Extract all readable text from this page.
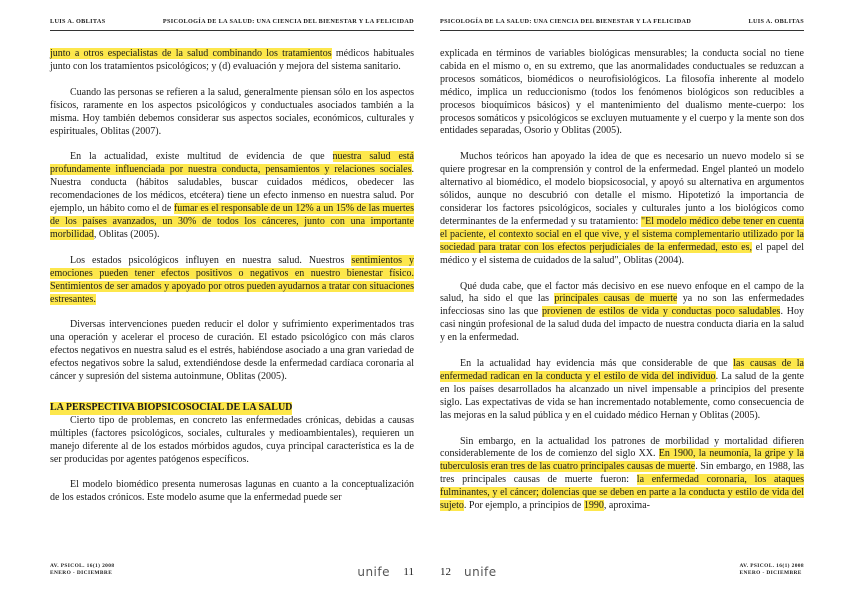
LUIS A. OBLITAS	PSICOLOGÍA DE LA SALUD: UNA CIENCIA DEL BIENESTAR Y LA FELICIDAD

junto a otros especialistas de la salud combinando los tratamientos médicos habituales junto con los tratamientos psicológicos; y (d) evaluación y mejora del sistema sanitario.

Cuando las personas se refieren a la salud, generalmente piensan sólo en los aspectos físicos, raramente en los aspectos psicológicos y conductuales asociados también a la misma. Hoy también debemos considerar sus aspectos sociales, económicos, culturales y espirituales, Oblitas (2007).

En la actualidad, existe multitud de evidencia de que nuestra salud está profundamente influenciada por nuestra conducta, pensamientos y relaciones sociales. Nuestra conducta (hábitos saludables, buscar cuidados médicos, obedecer las recomendaciones de los médicos, etcétera) tiene un efecto inmenso en nuestra salud. Por ejemplo, un hábito como el de fumar es el responsable de un 12% a un 15% de las muertes de los países avanzados, un 30% de todos los cánceres, junto con una importante morbilidad, Oblitas (2005).

Los estados psicológicos influyen en nuestra salud. Nuestros sentimientos y emociones pueden tener efectos positivos o negativos en nuestro bienestar físico. Sentimientos de ser amados y apoyado por otros pueden ayudarnos a tratar con situaciones estresantes.

Diversas intervenciones pueden reducir el dolor y sufrimiento experimentados tras una operación y acelerar el proceso de curación. El estado psicológico con más claros efectos negativos en nuestra salud es el estrés, habiéndose asociado a una gran variedad de efectos negativos sobre la salud, extendiéndose desde la enfermedad cardíaca coronaria al cáncer y supresión del sistema autoinmune, Oblitas (2005).

LA PERSPECTIVA BIOPSICOSOCIAL DE LA SALUD

Cierto tipo de problemas, en concreto las enfermedades crónicas, debidas a causas múltiples (factores psicológicos, sociales, culturales y medioambientales), requieren un manejo diferente al de los estados mórbidos agudos, cuya principal característica es la de ser producidas por agentes patógenos específicos.

El modelo biomédico presenta numerosas lagunas en cuanto a la conceptualización de los estados crónicos. Este modelo asume que la enfermedad puede ser

AV. PSICOL. 16(1) 2008
ENERO - DICIEMBRE	unife 11
PSICOLOGÍA DE LA SALUD: UNA CIENCIA DEL BIENESTAR Y LA FELICIDAD	LUIS A. OBLITAS

explicada en términos de variables biológicas mensurables; la conducta social no tiene cabida en el mismo o, en su extremo, que las anormalidades conductuales se reduzcan a procesos somáticos, biomédicos o neurofisiológicos. La filosofía inherente al modelo médico, implica un reduccionismo (todos los fenómenos biológicos son reducibles a procesos bioquímicos básicos) y el mantenimiento del dualismo mente-cuerpo: los procesos somáticos y psicológicos se excluyen mutuamente y el cuerpo y la mente son dos entidades separadas, Osorio y Oblitas (2005).

Muchos teóricos han apoyado la idea de que es necesario un nuevo modelo si se quiere progresar en la comprensión y control de la enfermedad. Engel planteó un modelo alternativo al biomédico, el modelo biopsicosocial, y apoyó su alternativa en argumentos sólidos, aunque no descubrió con detalle el mismo. Hipotetizó la importancia de considerar los factores psicológicos, sociales y culturales junto a los biológicos como determinantes de la enfermedad y su tratamiento: "El modelo médico debe tener en cuenta el paciente, el contexto social en el que vive, y el sistema complementario utilizado por la sociedad para tratar con los efectos perjudiciales de la enfermedad, esto es, el papel del médico y el sistema de cuidados de la salud", Oblitas (2004).

Qué duda cabe, que el factor más decisivo en ese nuevo enfoque en el campo de la salud, ha sido el que las principales causas de muerte ya no son las enfermedades infecciosas sino las que provienen de estilos de vida y conductas poco saludables. Hoy casi ningún profesional de la salud duda del impacto de nuestra conducta diaria en la salud y en la enfermedad.

En la actualidad hay evidencia más que considerable de que las causas de la enfermedad radican en la conducta y el estilo de vida del individuo. La salud de la gente en los países desarrollados ha alcanzado un nivel impensable a principios del presente siglo. Las expectativas de vida se han incrementado notablemente, como consecuencia de las mejoras en la salud pública y en el cuidado médico Hernan y Oblitas (2005).

Sin embargo, en la actualidad los patrones de morbilidad y mortalidad difieren considerablemente de los de comienzo del siglo XX. En 1900, la neumonía, la gripe y la tuberculosis eran tres de las cuatro principales causas de muerte. Sin embargo, en 1988, las tres principales causas de muerte fueron: la enfermedad coronaria, los ataques fulminantes, y el cáncer; dolencias que se deben en parte a la conducta y estilo de vida del sujeto. Por ejemplo, a principios de 1990, aproxima-

12 unife	AV. PSICOL. 16(1) 2008
ENERO - DICIEMBRE
